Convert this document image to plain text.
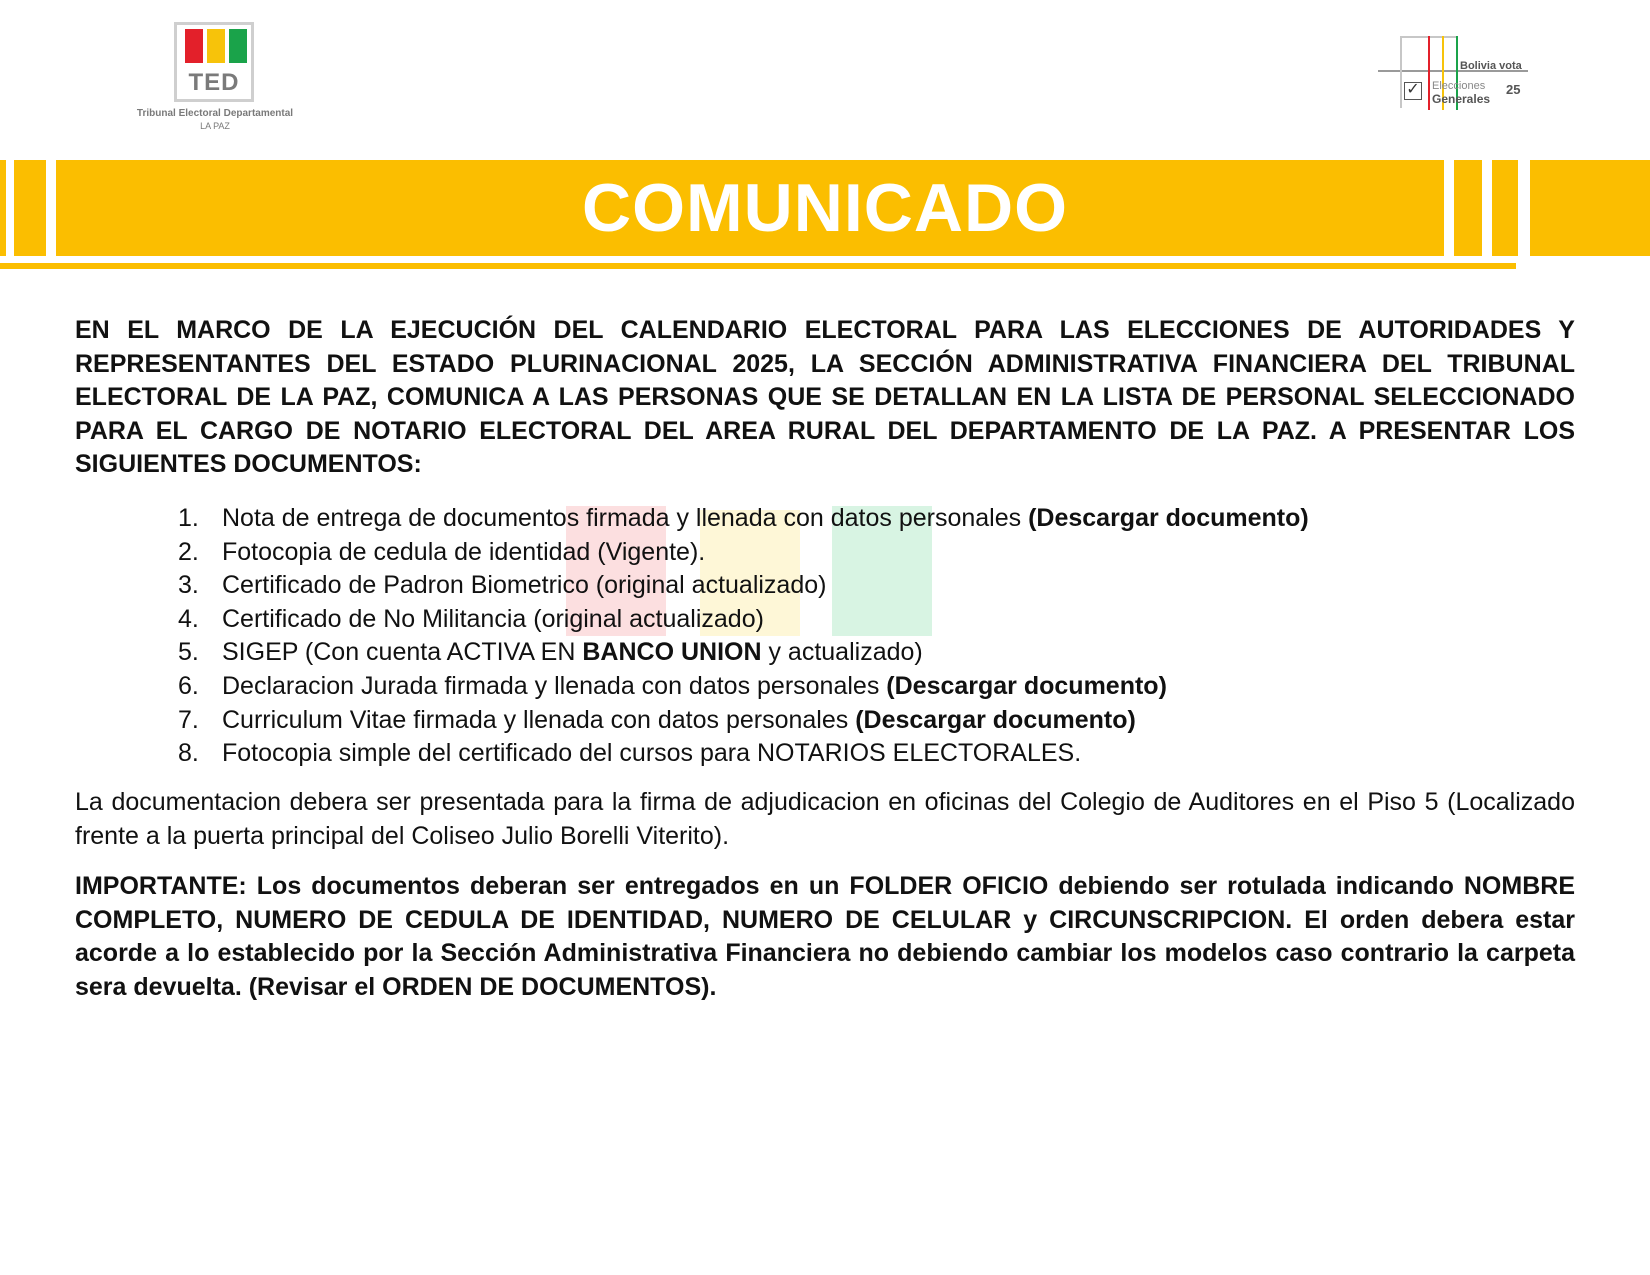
TED
Tribunal Electoral Departamental
LA PAZ
✓
Bolivia vota
Elecciones
Generales
25
COMUNICADO
EN EL MARCO DE LA EJECUCIÓN DEL CALENDARIO ELECTORAL PARA LAS ELECCIONES DE AUTORIDADES Y REPRESENTANTES DEL ESTADO PLURINACIONAL 2025, LA SECCIÓN ADMINISTRATIVA FINANCIERA DEL TRIBUNAL ELECTORAL DE LA PAZ, COMUNICA A LAS PERSONAS QUE SE DETALLAN EN LA LISTA DE PERSONAL SELECCIONADO PARA EL CARGO DE NOTARIO ELECTORAL DEL AREA RURAL DEL DEPARTAMENTO DE LA PAZ. A PRESENTAR LOS SIGUIENTES DOCUMENTOS:
1. Nota de entrega de documentos firmada y llenada con datos personales (Descargar documento)
2. Fotocopia de cedula de identidad (Vigente).
3. Certificado de Padron Biometrico (original actualizado)
4. Certificado de No Militancia (original actualizado)
5. SIGEP (Con cuenta ACTIVA EN BANCO UNION y actualizado)
6. Declaracion Jurada firmada y llenada con datos personales (Descargar documento)
7. Curriculum Vitae firmada y llenada con datos personales (Descargar documento)
8. Fotocopia simple del certificado del cursos para NOTARIOS ELECTORALES.
La documentacion debera ser presentada para la firma de adjudicacion en oficinas del Colegio de Auditores en el Piso 5 (Localizado frente a la puerta principal del Coliseo Julio Borelli Viterito).
IMPORTANTE: Los documentos deberan ser entregados en un FOLDER OFICIO debiendo ser rotulada indicando NOMBRE COMPLETO, NUMERO DE CEDULA DE IDENTIDAD, NUMERO DE CELULAR y CIRCUNSCRIPCION. El orden debera estar acorde a lo establecido por la Sección Administrativa Financiera no debiendo cambiar los modelos caso contrario la carpeta sera devuelta. (Revisar el ORDEN DE DOCUMENTOS).
